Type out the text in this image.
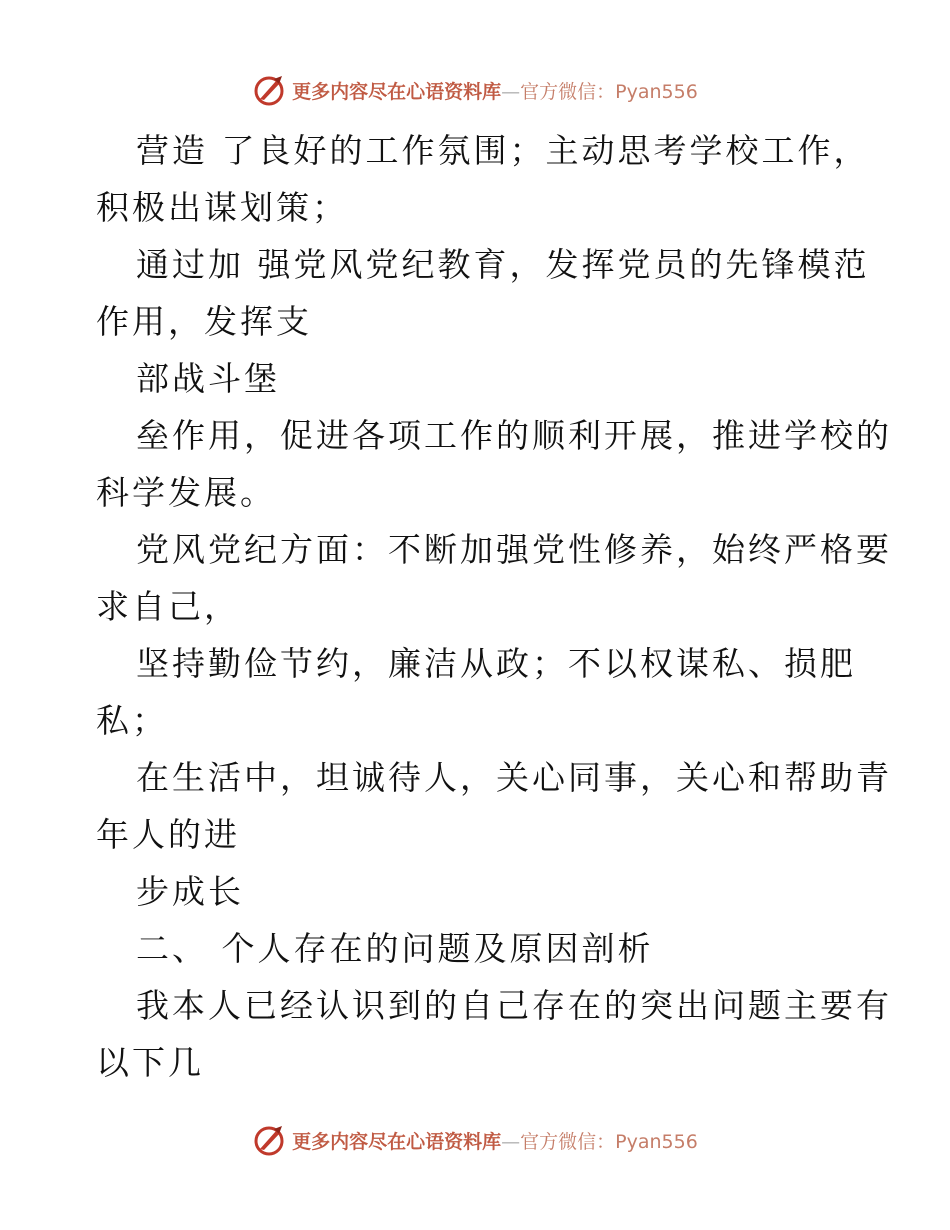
更多内容尽在心语资料库—官方微信：Pyan556
营造 了良好的工作氛围；主动思考学校工作，
积极出谋划策；
通过加 强党风党纪教育，发挥党员的先锋模范
作用，发挥支
部战斗堡
垒作用，促进各项工作的顺利开展，推进学校的
科学发展。
党风党纪方面：不断加强党性修养，始终严格要
求自己，
坚持勤俭节约，廉洁从政；不以权谋私、损肥
私；
在生活中，坦诚待人，关心同事，关心和帮助青
年人的进
步成长
二、 个人存在的问题及原因剖析
我本人已经认识到的自己存在的突出问题主要有
以下几
更多内容尽在心语资料库—官方微信：Pyan556
